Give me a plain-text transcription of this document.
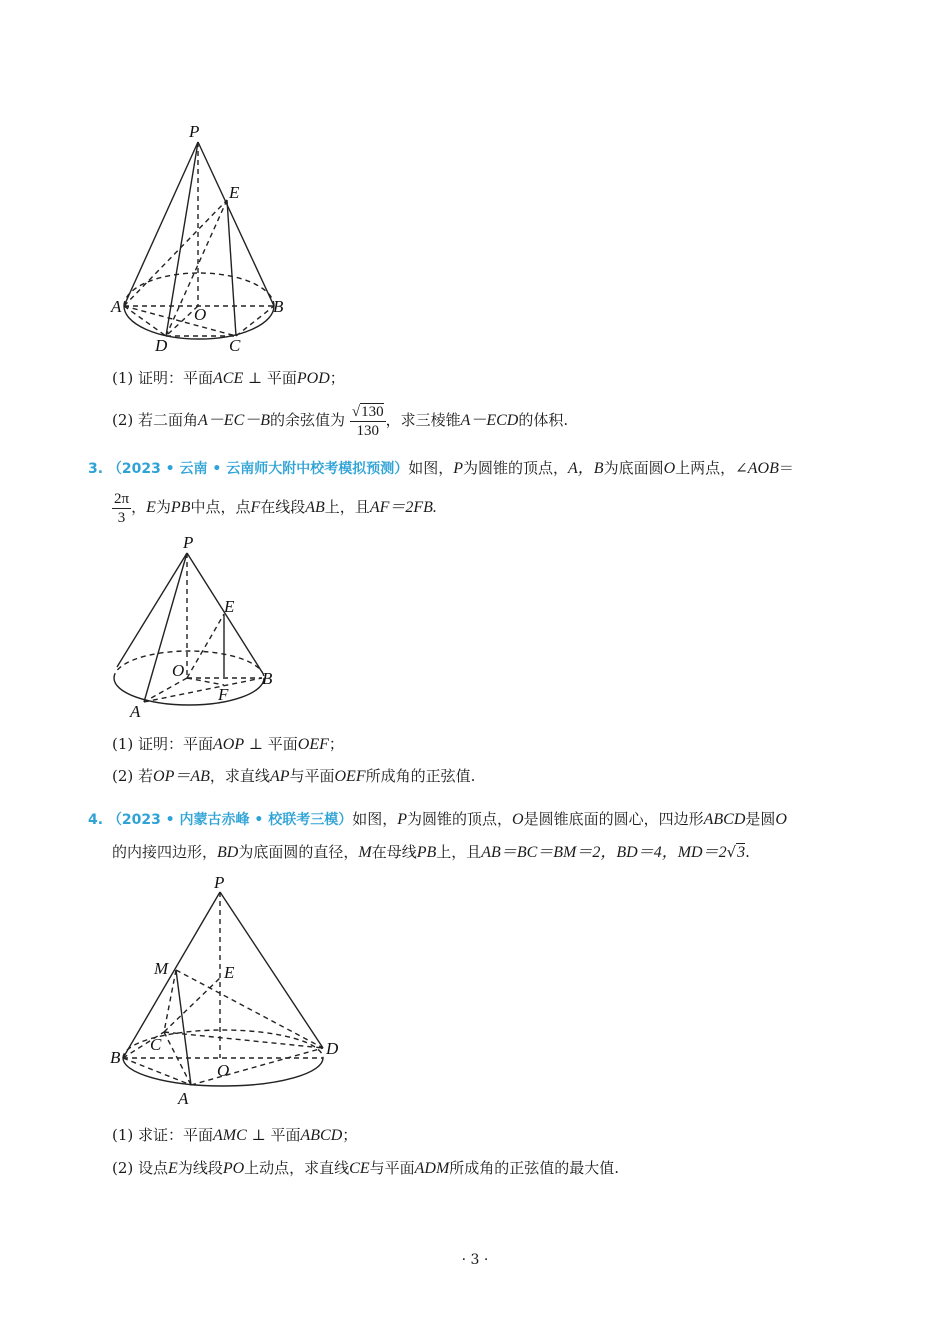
P
E
A	O	B
D	C
(1) 证明：平面ACE ⊥ 平面POD；
(2) 若二面角A－EC－B的余弦值为 $\frac{√130}{130}$ ，求三棱锥A－ECD的体积.
3. （2023 • 云南 • 云南师大附中校考模拟预测）如图，P为圆锥的顶点，A，B为底面圆O上两点，∠AOB＝
$\frac{2\pi}{3}$ ，E为PB中点，点F在线段AB上，且AF＝2FB.
P
E
O	B
F
A
(1) 证明：平面AOP ⊥ 平面OEF；
(2) 若OP＝AB，求直线AP与平面OEF所成角的正弦值.
4. （2023 • 内蒙古赤峰 • 校联考三模）如图，P为圆锥的顶点，O是圆锥底面的圆心，四边形ABCD是圆O
的内接四边形，BD为底面圆的直径，M在母线PB上，且AB＝BC＝BM＝2，BD＝4，MD＝2√3.
P
M	E
C
B	D
O
A
(1) 求证：平面AMC ⊥ 平面ABCD；
(2) 设点E为线段PO上动点，求直线CE与平面ADM所成角的正弦值的最大值.
· 3 ·
